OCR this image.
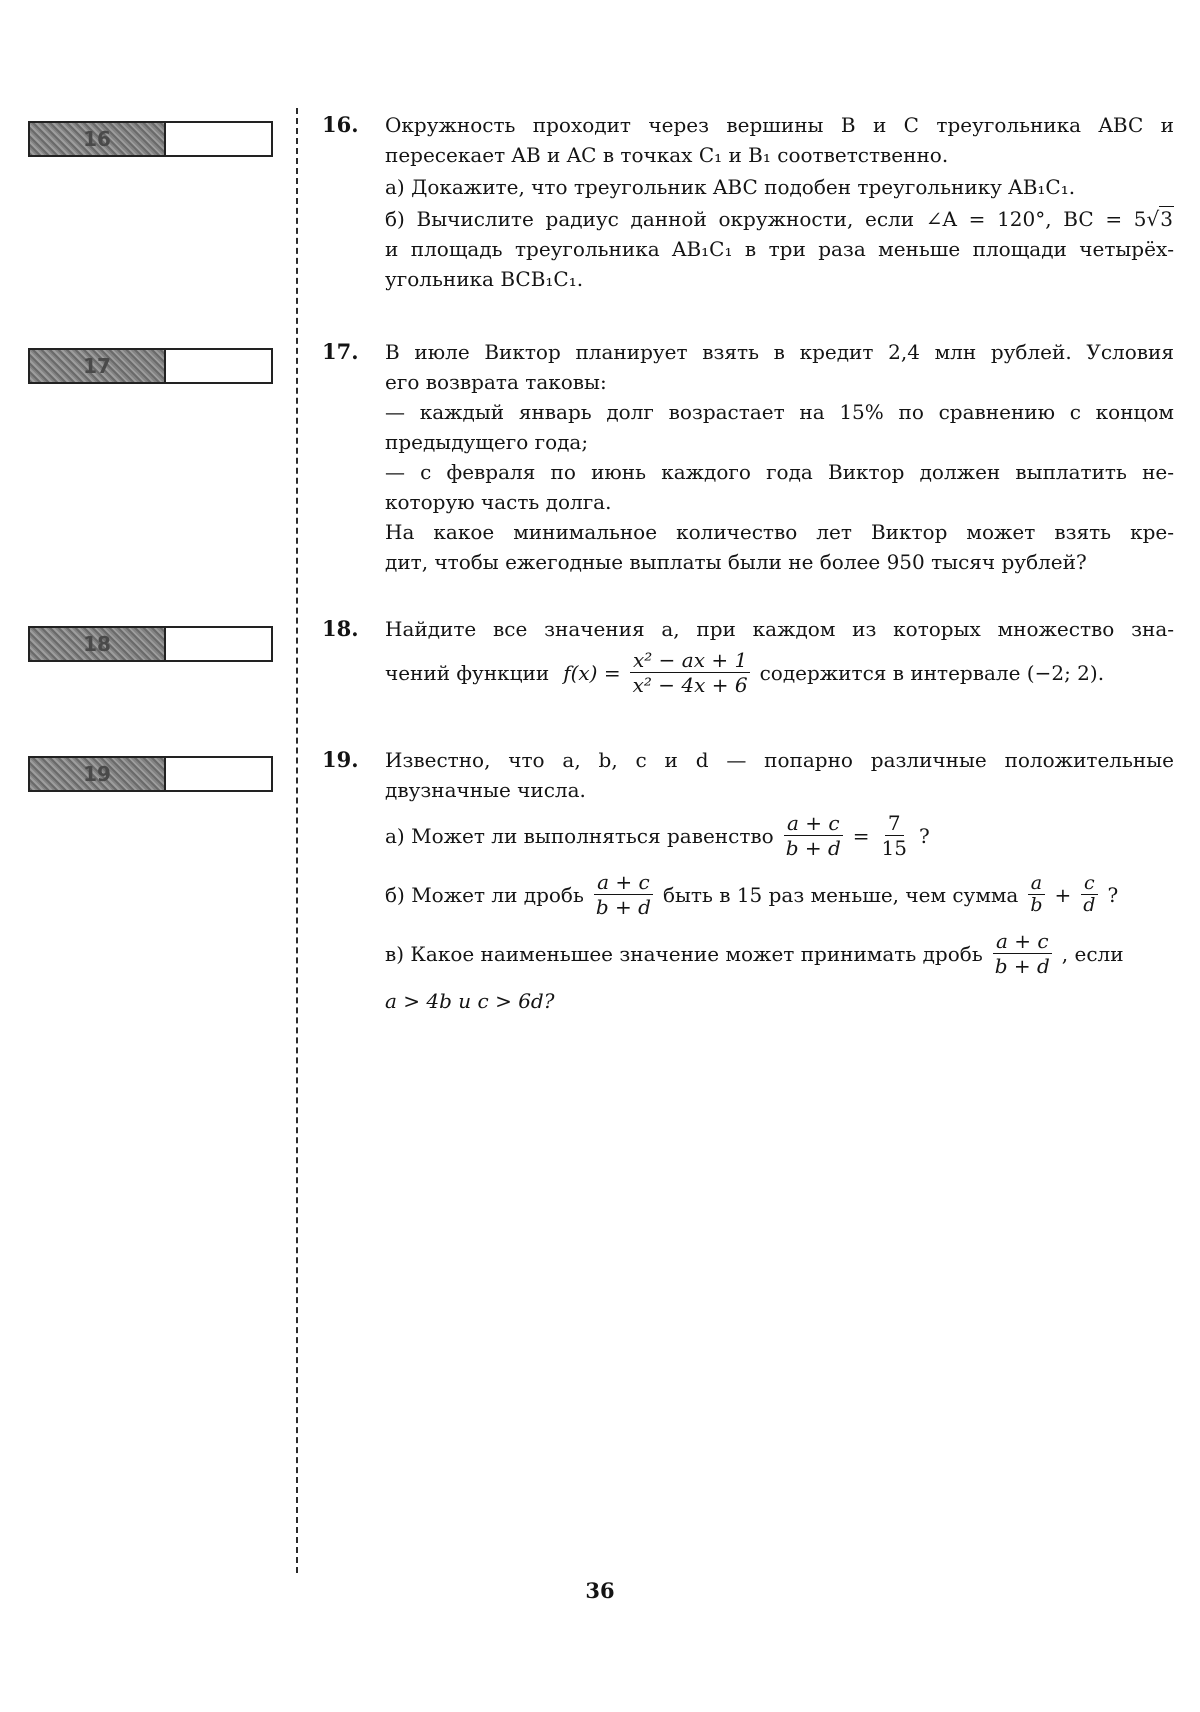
16
17
18
19
16. Окружность проходит через вершины B и C треугольника ABC и
пересекает AB и AC в точках C₁ и B₁ соответственно.
а) Докажите, что треугольник ABC подобен треугольнику AB₁C₁.
б) Вычислите радиус данной окружности, если ∠A = 120°, BC = 5√3
и площадь треугольника AB₁C₁ в три раза меньше площади четырёх-
угольника BCB₁C₁.
17. В июле Виктор планирует взять в кредит 2,4 млн рублей. Условия
его возврата таковы:
— каждый январь долг возрастает на 15% по сравнению с концом
предыдущего года;
— с февраля по июнь каждого года Виктор должен выплатить не-
которую часть долга.
На какое минимальное количество лет Виктор может взять кре-
дит, чтобы ежегодные выплаты были не более 950 тысяч рублей?
18. Найдите все значения a, при каждом из которых множество зна-
чений функции $f(x) = \frac{\text{x² − ax + 1}}{\text{x² − 4x + 6}}$ содержится в интервале (−2; 2).
19. Известно, что a, b, c и d — попарно различные положительные
двузначные числа.
а) Может ли выполняться равенство $\frac{a + c}{b + d} = \frac{7}{15}$ ?
б) Может ли дробь $\frac{a + c}{b + d}$ быть в 15 раз меньше, чем сумма $\frac{a}{b} + \frac{c}{d}$ ?
в) Какое наименьшее значение может принимать дробь $\frac{a + c}{b + d}$ , если
a > 4b и c > 6d?
36
